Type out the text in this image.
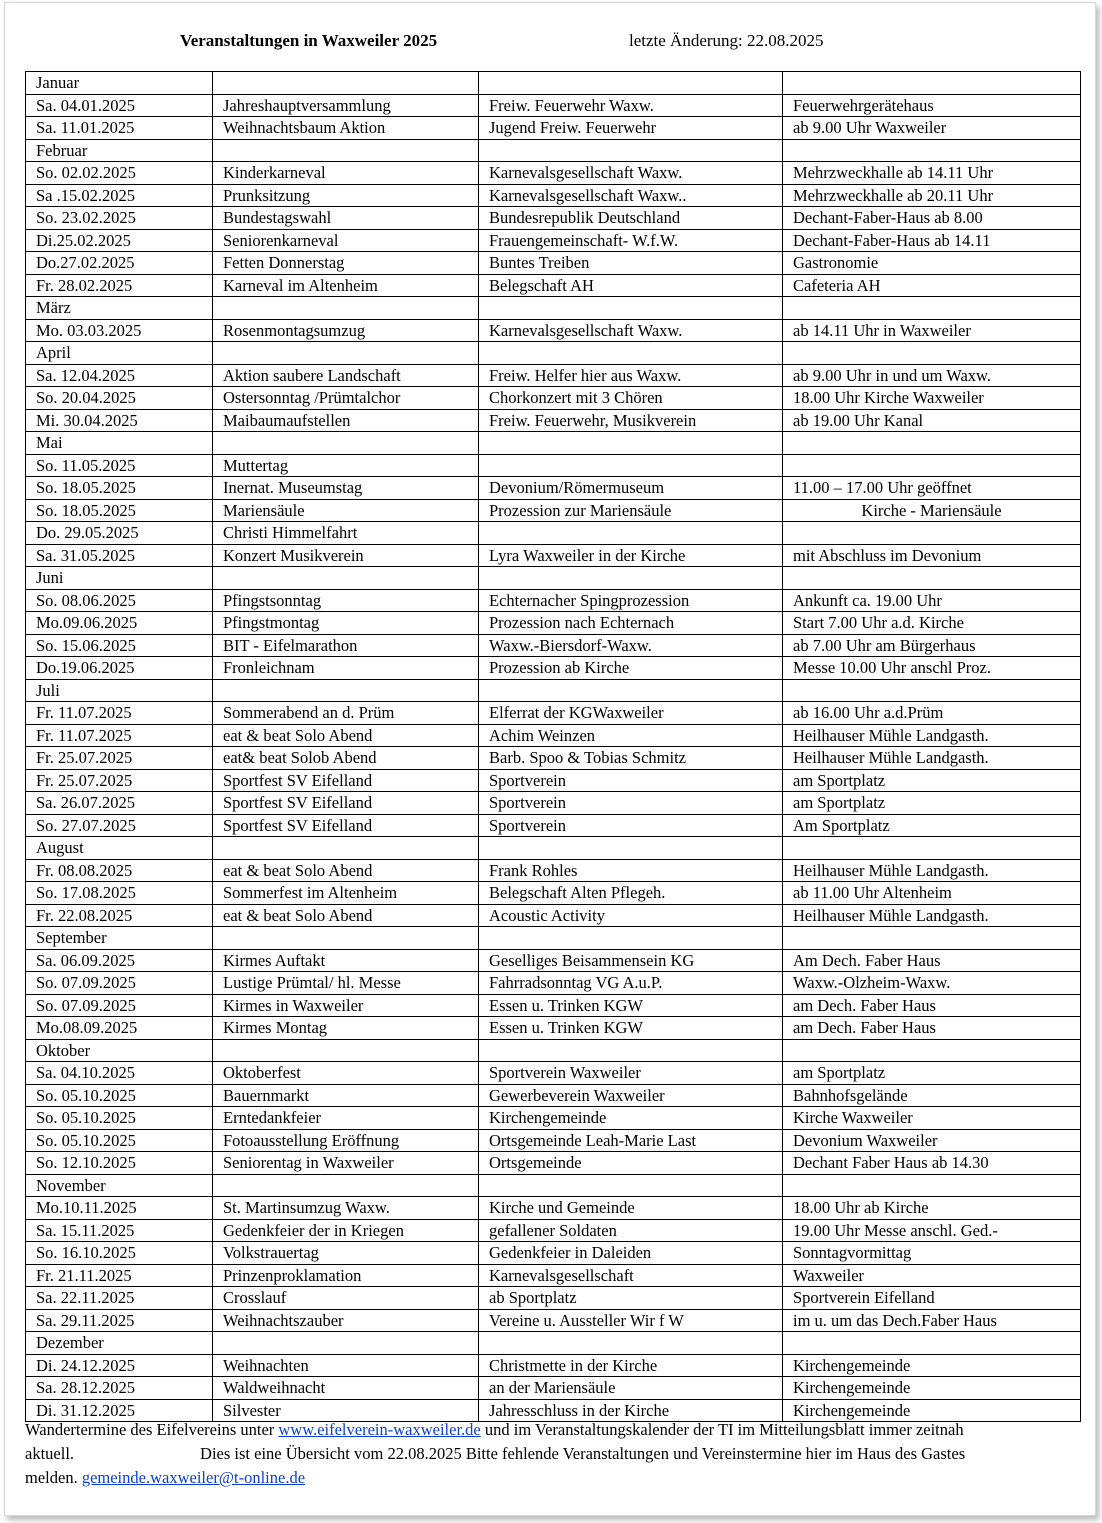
Veranstaltungen in Waxweiler 2025	letzte Änderung: 22.08.2025
Januar			
Sa. 04.01.2025	Jahreshauptversammlung	Freiw. Feuerwehr Waxw.	Feuerwehrgerätehaus
Sa. 11.01.2025	Weihnachtsbaum Aktion	Jugend Freiw. Feuerwehr	ab 9.00 Uhr Waxweiler
Februar			
So. 02.02.2025	Kinderkarneval	Karnevalsgesellschaft Waxw.	Mehrzweckhalle ab 14.11 Uhr
Sa .15.02.2025	Prunksitzung	Karnevalsgesellschaft Waxw..	Mehrzweckhalle ab 20.11 Uhr
So. 23.02.2025	Bundestagswahl	Bundesrepublik Deutschland	Dechant-Faber-Haus ab 8.00
Di.25.02.2025	Seniorenkarneval	Frauengemeinschaft- W.f.W.	Dechant-Faber-Haus ab 14.11
Do.27.02.2025	Fetten Donnerstag	Buntes Treiben	Gastronomie
Fr. 28.02.2025	Karneval im Altenheim	Belegschaft AH	Cafeteria AH
März			
Mo. 03.03.2025	Rosenmontagsumzug	Karnevalsgesellschaft Waxw.	ab 14.11 Uhr in Waxweiler
April			
Sa. 12.04.2025	Aktion saubere Landschaft	Freiw. Helfer hier aus Waxw.	ab 9.00 Uhr in und um Waxw.
So. 20.04.2025	Ostersonntag /Prümtalchor	Chorkonzert mit 3 Chören	18.00 Uhr Kirche Waxweiler
Mi. 30.04.2025	Maibaumaufstellen	Freiw. Feuerwehr, Musikverein	ab 19.00 Uhr Kanal
Mai			
So. 11.05.2025	Muttertag		
So. 18.05.2025	Inernat. Museumstag	Devonium/Römermuseum	11.00 – 17.00 Uhr geöffnet
So. 18.05.2025	Mariensäule	Prozession zur Mariensäule	Kirche - Mariensäule
Do. 29.05.2025	Christi Himmelfahrt		
Sa. 31.05.2025	Konzert Musikverein	Lyra Waxweiler in der Kirche	mit Abschluss im Devonium
Juni			
So. 08.06.2025	Pfingstsonntag	Echternacher Spingprozession	Ankunft ca. 19.00 Uhr
Mo.09.06.2025	Pfingstmontag	Prozession nach Echternach	Start 7.00 Uhr a.d. Kirche
So. 15.06.2025	BIT - Eifelmarathon	Waxw.-Biersdorf-Waxw.	ab 7.00 Uhr am Bürgerhaus
Do.19.06.2025	Fronleichnam	Prozession ab Kirche	Messe 10.00 Uhr anschl Proz.
Juli			
Fr. 11.07.2025	Sommerabend an d. Prüm	Elferrat der KGWaxweiler	ab 16.00 Uhr a.d.Prüm
Fr. 11.07.2025	eat & beat Solo Abend	Achim Weinzen	Heilhauser Mühle Landgasth.
Fr. 25.07.2025	eat& beat Solob Abend	Barb. Spoo & Tobias Schmitz	Heilhauser Mühle Landgasth.
Fr. 25.07.2025	Sportfest SV Eifelland	Sportverein	am Sportplatz
Sa. 26.07.2025	Sportfest SV Eifelland	Sportverein	am Sportplatz
So. 27.07.2025	Sportfest SV Eifelland	Sportverein	Am Sportplatz
August			
Fr. 08.08.2025	eat & beat Solo Abend	Frank Rohles	Heilhauser Mühle Landgasth.
So. 17.08.2025	Sommerfest im Altenheim	Belegschaft Alten Pflegeh.	ab 11.00 Uhr Altenheim
Fr. 22.08.2025	eat & beat Solo Abend	Acoustic Activity	Heilhauser Mühle Landgasth.
September			
Sa. 06.09.2025	Kirmes Auftakt	Geselliges Beisammensein KG	Am Dech. Faber Haus
So. 07.09.2025	Lustige Prümtal/ hl. Messe	Fahrradsonntag VG A.u.P.	Waxw.-Olzheim-Waxw.
So. 07.09.2025	Kirmes in Waxweiler	Essen u. Trinken KGW	am Dech. Faber Haus
Mo.08.09.2025	Kirmes Montag	Essen u. Trinken KGW	am Dech. Faber Haus
Oktober			
Sa. 04.10.2025	Oktoberfest	Sportverein Waxweiler	am Sportplatz
So. 05.10.2025	Bauernmarkt	Gewerbeverein Waxweiler	Bahnhofsgelände
So. 05.10.2025	Erntedankfeier	Kirchengemeinde	Kirche Waxweiler
So. 05.10.2025	Fotoausstellung Eröffnung	Ortsgemeinde Leah-Marie Last	Devonium Waxweiler
So. 12.10.2025	Seniorentag in Waxweiler	Ortsgemeinde	Dechant Faber Haus ab 14.30
November			
Mo.10.11.2025	St. Martinsumzug Waxw.	Kirche und Gemeinde	18.00 Uhr ab Kirche
Sa. 15.11.2025	Gedenkfeier der in Kriegen	gefallener Soldaten	19.00 Uhr Messe anschl. Ged.-
So. 16.10.2025	Volkstrauertag	Gedenkfeier in Daleiden	Sonntagvormittag
Fr. 21.11.2025	Prinzenproklamation	Karnevalsgesellschaft	Waxweiler
Sa. 22.11.2025	Crosslauf	ab Sportplatz	Sportverein Eifelland
Sa. 29.11.2025	Weihnachtszauber	Vereine u. Aussteller Wir f W	im u. um das Dech.Faber Haus
Dezember			
Di. 24.12.2025	Weihnachten	Christmette in der Kirche	Kirchengemeinde
Sa. 28.12.2025	Waldweihnacht	an der Mariensäule	Kirchengemeinde
Di. 31.12.2025	Silvester	Jahresschluss in der Kirche	Kirchengemeinde
Wandertermine des Eifelvereins unter www.eifelverein-waxweiler.de und im Veranstaltungskalender der TI im Mitteilungsblatt immer zeitnah
aktuell.	Dies ist eine Übersicht vom 22.08.2025 Bitte fehlende Veranstaltungen und Vereinstermine hier im Haus des Gastes
melden. gemeinde.waxweiler@t-online.de
